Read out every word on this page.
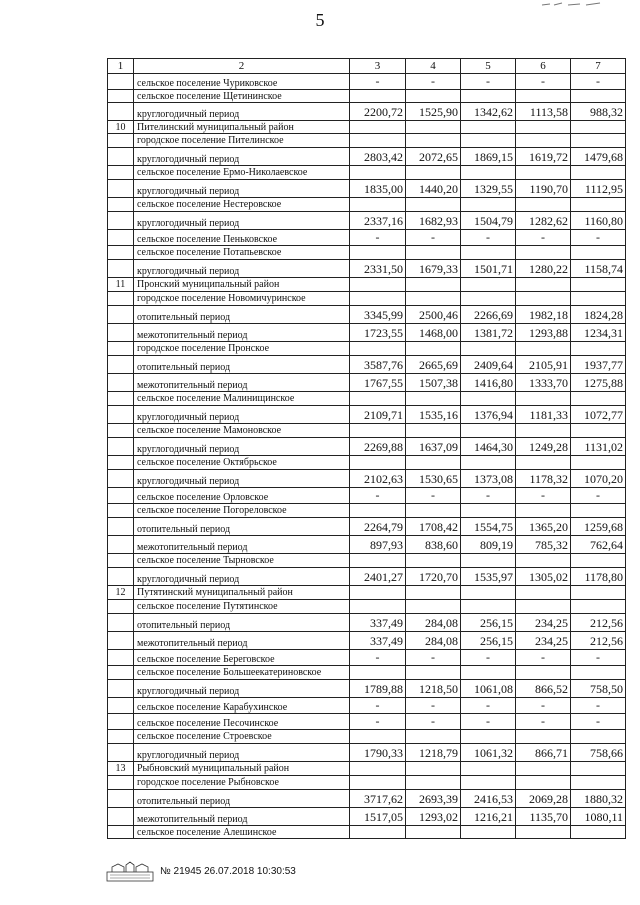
5
1	2	3	4	5	6	7
	сельское поселение Чуриковское	-	-	-	-	-
	сельское поселение Щетининское					
	круглогодичный период	2200,72	1525,90	1342,62	1113,58	988,32
10	Пителинский муниципальный район					
	городское поселение Пителинское					
	круглогодичный период	2803,42	2072,65	1869,15	1619,72	1479,68
	сельское поселение Ермо-Николаевское					
	круглогодичный период	1835,00	1440,20	1329,55	1190,70	1112,95
	сельское поселение Нестеровское					
	круглогодичный период	2337,16	1682,93	1504,79	1282,62	1160,80
	сельское поселение Пеньковское	-	-	-	-	-
	сельское поселение Потапьевское					
	круглогодичный период	2331,50	1679,33	1501,71	1280,22	1158,74
11	Пронский муниципальный район					
	городское поселение Новомичуринское					
	отопительный период	3345,99	2500,46	2266,69	1982,18	1824,28
	межотопительный период	1723,55	1468,00	1381,72	1293,88	1234,31
	городское поселение Пронское					
	отопительный период	3587,76	2665,69	2409,64	2105,91	1937,77
	межотопительный период	1767,55	1507,38	1416,80	1333,70	1275,88
	сельское поселение Малинищинское					
	круглогодичный период	2109,71	1535,16	1376,94	1181,33	1072,77
	сельское поселение Мамоновское					
	круглогодичный период	2269,88	1637,09	1464,30	1249,28	1131,02
	сельское поселение Октябрьское					
	круглогодичный период	2102,63	1530,65	1373,08	1178,32	1070,20
	сельское поселение Орловское	-	-	-	-	-
	сельское поселение Погореловское					
	отопительный период	2264,79	1708,42	1554,75	1365,20	1259,68
	межотопительный период	897,93	838,60	809,19	785,32	762,64
	сельское поселение Тырновское					
	круглогодичный период	2401,27	1720,70	1535,97	1305,02	1178,80
12	Путятинский муниципальный район					
	сельское поселение Путятинское					
	отопительный период	337,49	284,08	256,15	234,25	212,56
	межотопительный период	337,49	284,08	256,15	234,25	212,56
	сельское поселение Береговское	-	-	-	-	-
	сельское поселение Большеекатериновское					
	круглогодичный период	1789,88	1218,50	1061,08	866,52	758,50
	сельское поселение Карабухинское	-	-	-	-	-
	сельское поселение Песочинское	-	-	-	-	-
	сельское поселение Строевское					
	круглогодичный период	1790,33	1218,79	1061,32	866,71	758,66
13	Рыбновский муниципальный район					
	городское поселение Рыбновское					
	отопительный период	3717,62	2693,39	2416,53	2069,28	1880,32
	межотопительный период	1517,05	1293,02	1216,21	1135,70	1080,11
	сельское поселение Алешинское					
№ 21945 26.07.2018 10:30:53
